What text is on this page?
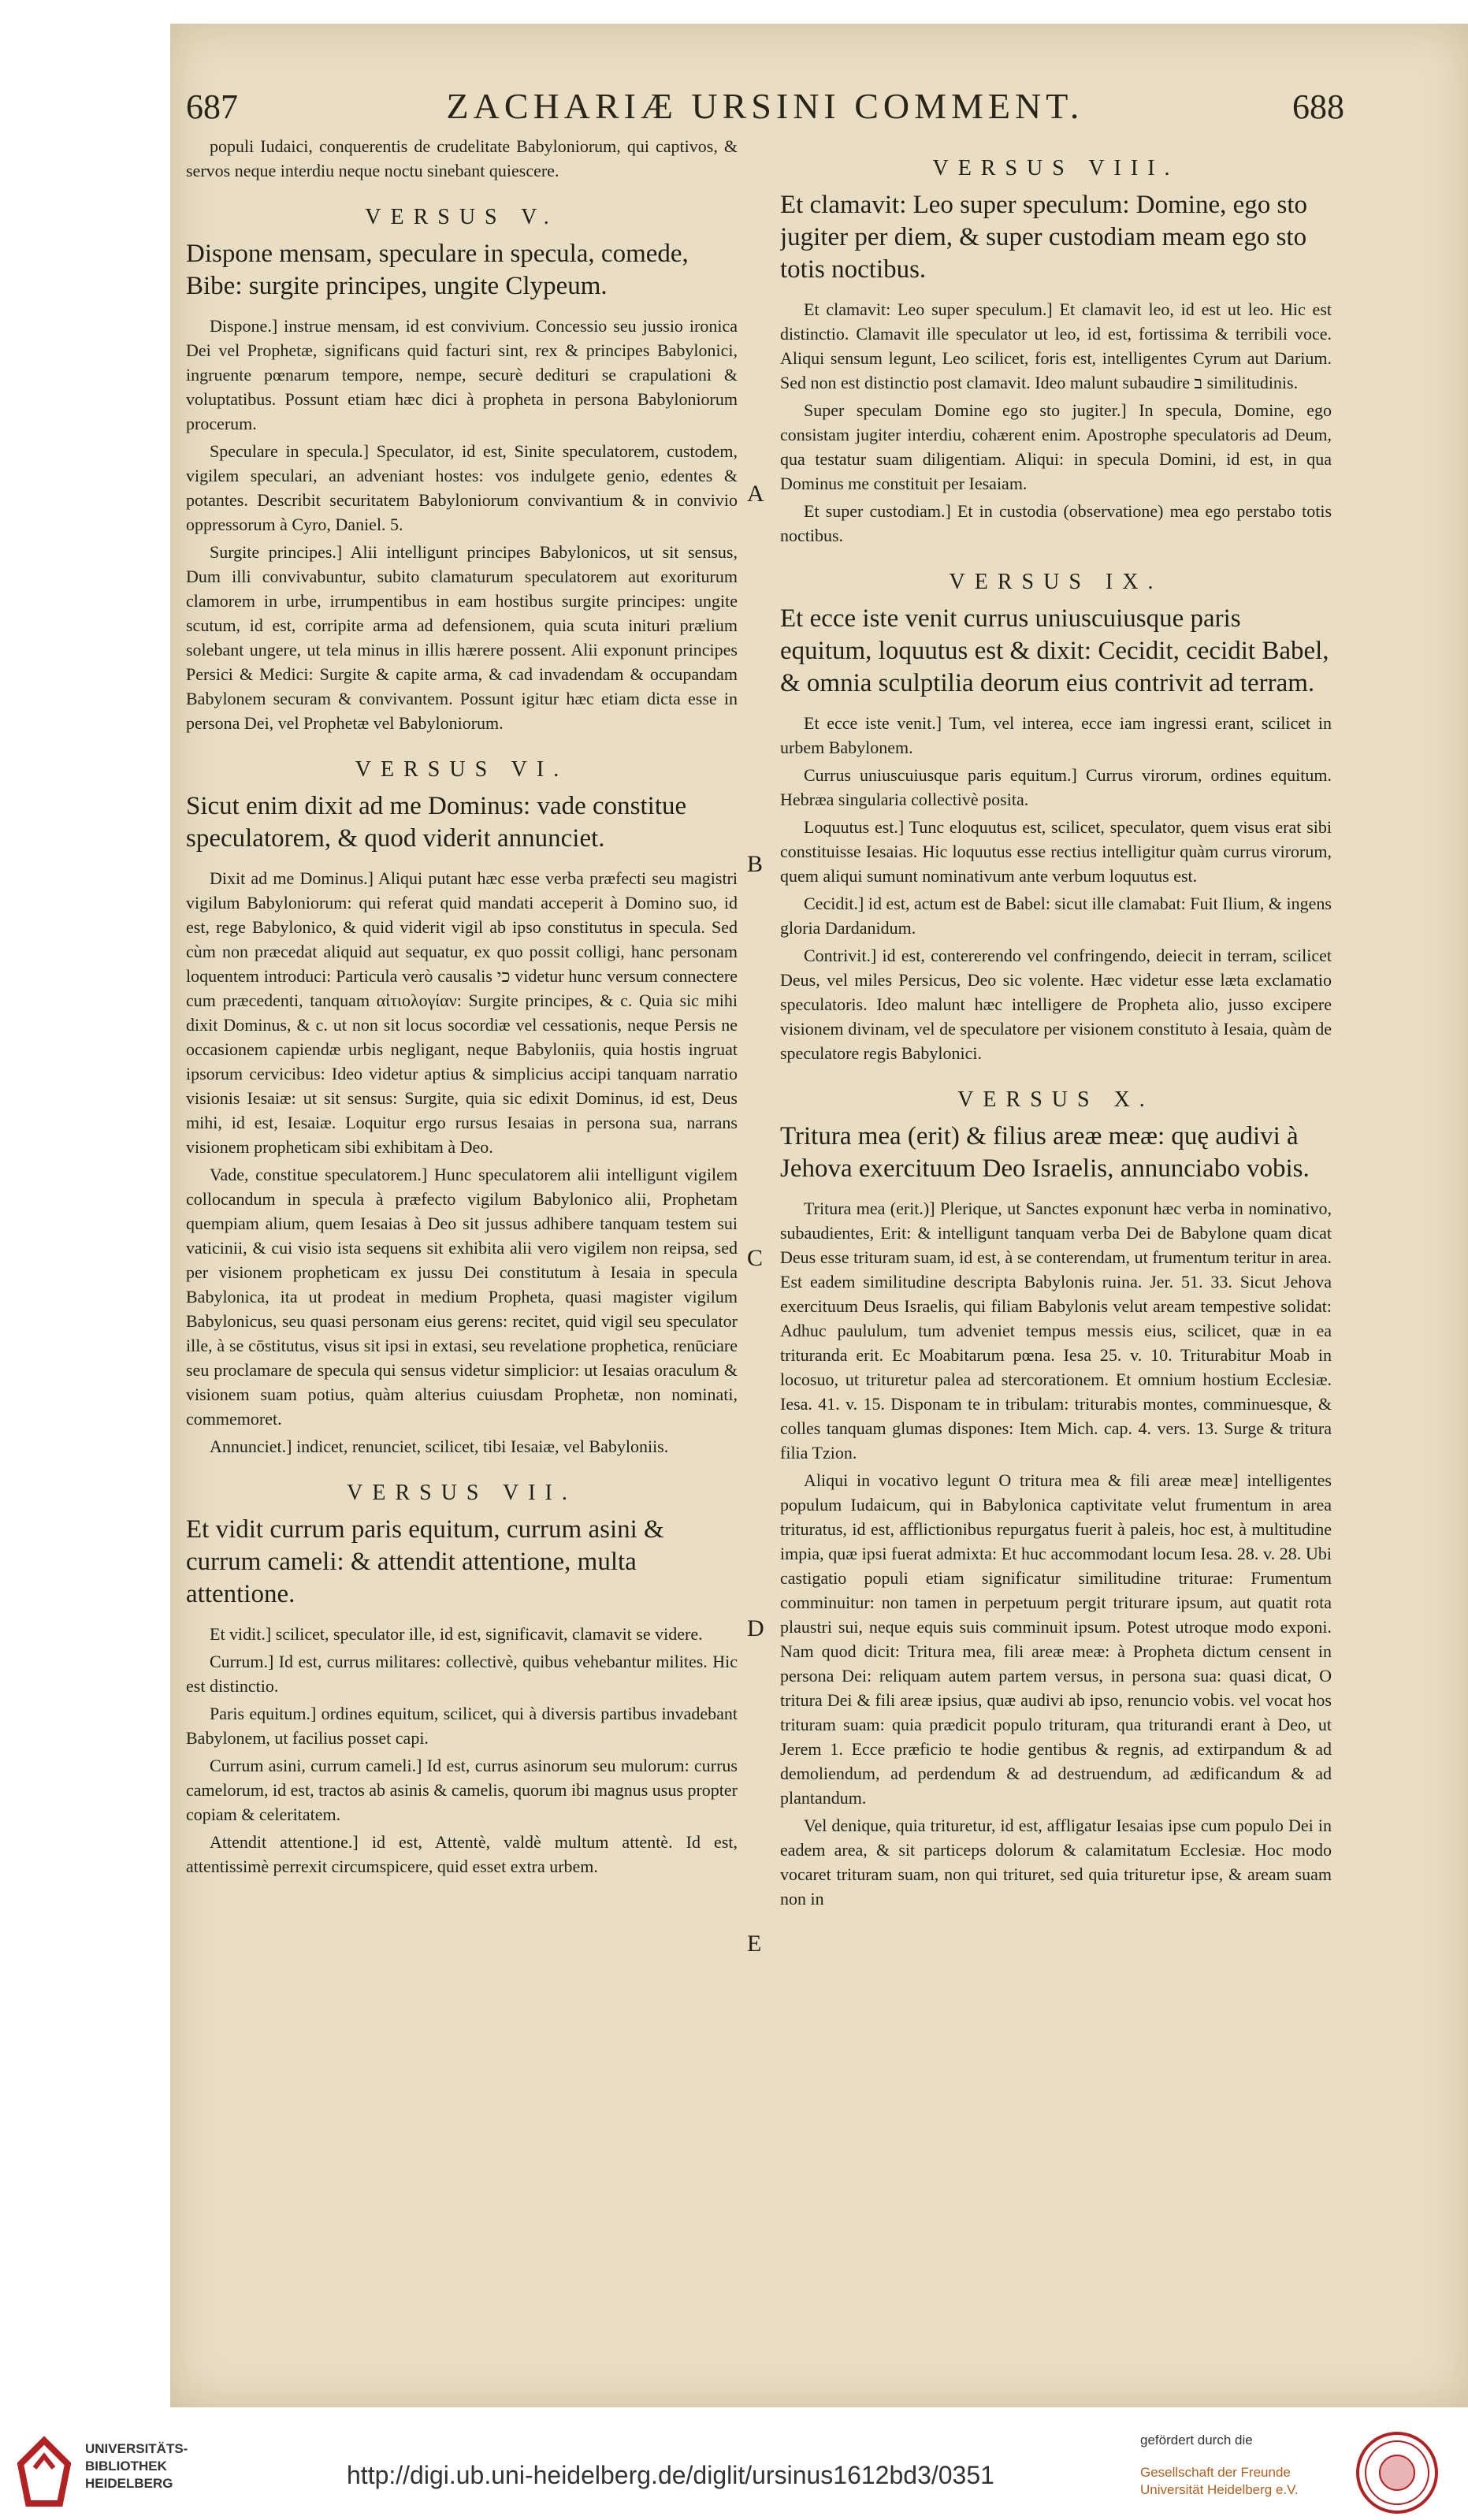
687	ZACHARIÆ URSINI COMMENT.	688
populi Iudaici, conquerentis de crudelitate Babyloniorum, qui captivos, & servos neque interdiu neque noctu sinebant quiescere.
VERSUS V.
Dispone mensam, speculare in specula, comede, Bibe: surgite principes, ungite Clypeum.
Dispone.] instrue mensam, id est convivium. Concessio seu jussio ironica Dei vel Prophetæ, significans quid facturi sint, rex & principes Babylonici, ingruente pœnarum tempore, nempe, securè dedituri se crapulationi & voluptatibus. Possunt etiam hæc dici à propheta in persona Babyloniorum procerum.
Speculare in specula.] Speculator, id est, Sinite speculatorem, custodem, vigilem speculari, an adveniant hostes: vos indulgete genio, edentes & potantes. Describit securitatem Babyloniorum convivantium & in convivio oppressorum à Cyro, Daniel. 5.
Surgite principes.] Alii intelligunt principes Babylonicos, ut sit sensus, Dum illi convivabuntur, subito clamaturum speculatorem aut exoriturum clamorem in urbe, irrumpentibus in eam hostibus surgite principes: ungite scutum, id est, corripite arma ad defensionem, quia scuta inituri prælium solebant ungere, ut tela minus in illis hærere possent. Alii exponunt principes Persici & Medici: Surgite & capite arma, & cad invadendam & occupandam Babylonem securam & convivantem. Possunt igitur hæc etiam dicta esse in persona Dei, vel Prophetæ vel Babyloniorum.
VERSUS VI.
Sicut enim dixit ad me Dominus: vade constitue speculatorem, & quod viderit annunciet.
Dixit ad me Dominus.] Aliqui putant hæc esse verba præfecti seu magistri vigilum Babyloniorum: qui referat quid mandati acceperit à Domino suo, id est, rege Babylonico, & quid viderit vigil ab ipso constitutus in specula. Sed cùm non præcedat aliquid aut sequatur, ex quo possit colligi, hanc personam loquentem introduci: Particula verò causalis כי videtur hunc versum connectere cum præcedenti, tanquam αἰτιολογίαν: Surgite principes, & c. Quia sic mihi dixit Dominus, & c. ut non sit locus socordiæ vel cessationis, neque Persis ne occasionem capiendæ urbis negligant, neque Babyloniis, quia hostis ingruat ipsorum cervicibus: Ideo videtur aptius & simplicius accipi tanquam narratio visionis Iesaiæ: ut sit sensus: Surgite, quia sic edixit Dominus, id est, Deus mihi, id est, Iesaiæ. Loquitur ergo rursus Iesaias in persona sua, narrans visionem propheticam sibi exhibitam à Deo.
Vade, constitue speculatorem.] Hunc speculatorem alii intelligunt vigilem collocandum in specula à præfecto vigilum Babylonico alii, Prophetam quempiam alium, quem Iesaias à Deo sit jussus adhibere tanquam testem sui vaticinii, & cui visio ista sequens sit exhibita alii vero vigilem non reipsa, sed per visionem propheticam ex jussu Dei constitutum à Iesaia in specula Babylonica, ita ut prodeat in medium Propheta, quasi magister vigilum Babylonicus, seu quasi personam eius gerens: recitet, quid vigil seu speculator ille, à se cōstitutus, visus sit ipsi in extasi, seu revelatione prophetica, renūciare seu proclamare de specula qui sensus videtur simplicior: ut Iesaias oraculum & visionem suam potius, quàm alterius cuiusdam Prophetæ, non nominati, commemoret.
Annunciet.] indicet, renunciet, scilicet, tibi Iesaiæ, vel Babyloniis.
VERSUS VII.
Et vidit currum paris equitum, currum asini & currum cameli: & attendit attentione, multa attentione.
Et vidit.] scilicet, speculator ille, id est, significavit, clamavit se videre.
Currum.] Id est, currus militares: collectivè, quibus vehebantur milites. Hic est distinctio.
Paris equitum.] ordines equitum, scilicet, qui à diversis partibus invadebant Babylonem, ut facilius posset capi.
Currum asini, currum cameli.] Id est, currus asinorum seu mulorum: currus camelorum, id est, tractos ab asinis & camelis, quorum ibi magnus usus propter copiam & celeritatem.
Attendit attentione.] id est, Attentè, valdè multum attentè. Id est, attentissimè perrexit circumspicere, quid esset extra urbem.
A
B
C
D
E
VERSUS VIII.
Et clamavit: Leo super speculum: Domine, ego sto jugiter per diem, & super custodiam meam ego sto totis noctibus.
Et clamavit: Leo super speculum.] Et clamavit leo, id est ut leo. Hic est distinctio. Clamavit ille speculator ut leo, id est, fortissima & terribili voce. Aliqui sensum legunt, Leo scilicet, foris est, intelligentes Cyrum aut Darium. Sed non est distinctio post clamavit. Ideo malunt subaudire ב similitudinis.
Super speculam Domine ego sto jugiter.] In specula, Domine, ego consistam jugiter interdiu, cohærent enim. Apostrophe speculatoris ad Deum, qua testatur suam diligentiam. Aliqui: in specula Domini, id est, in qua Dominus me constituit per Iesaiam.
Et super custodiam.] Et in custodia (observatione) mea ego perstabo totis noctibus.
VERSUS IX.
Et ecce iste venit currus uniuscuiusque paris equitum, loquutus est & dixit: Cecidit, cecidit Babel, & omnia sculptilia deorum eius contrivit ad terram.
Et ecce iste venit.] Tum, vel interea, ecce iam ingressi erant, scilicet in urbem Babylonem.
Currus uniuscuiusque paris equitum.] Currus virorum, ordines equitum. Hebræa singularia collectivè posita.
Loquutus est.] Tunc eloquutus est, scilicet, speculator, quem visus erat sibi constituisse Iesaias. Hic loquutus esse rectius intelligitur quàm currus virorum, quem aliqui sumunt nominativum ante verbum loquutus est.
Cecidit.] id est, actum est de Babel: sicut ille clamabat: Fuit Ilium, & ingens gloria Dardanidum.
Contrivit.] id est, contererendo vel confringendo, deiecit in terram, scilicet Deus, vel miles Persicus, Deo sic volente. Hæc videtur esse læta exclamatio speculatoris. Ideo malunt hæc intelligere de Propheta alio, jusso excipere visionem divinam, vel de speculatore per visionem constituto à Iesaia, quàm de speculatore regis Babylonici.
VERSUS X.
Tritura mea (erit) & filius areæ meæ: quę audivi à Jehova exercituum Deo Israelis, annunciabo vobis.
Tritura mea (erit.)] Plerique, ut Sanctes exponunt hæc verba in nominativo, subaudientes, Erit: & intelligunt tanquam verba Dei de Babylone quam dicat Deus esse trituram suam, id est, à se conterendam, ut frumentum teritur in area. Est eadem similitudine descripta Babylonis ruina. Jer. 51. 33. Sicut Jehova exercituum Deus Israelis, qui filiam Babylonis velut aream tempestive solidat: Adhuc paululum, tum adveniet tempus messis eius, scilicet, quæ in ea trituranda erit. Ec Moabitarum pœna. Iesa 25. v. 10. Triturabitur Moab in locosuo, ut trituretur palea ad stercorationem. Et omnium hostium Ecclesiæ. Iesa. 41. v. 15. Disponam te in tribulam: triturabis montes, comminuesque, & colles tanquam glumas dispones: Item Mich. cap. 4. vers. 13. Surge & tritura filia Tzion.
Aliqui in vocativo legunt O tritura mea & fili areæ meæ] intelligentes populum Iudaicum, qui in Babylonica captivitate velut frumentum in area trituratus, id est, afflictionibus repurgatus fuerit à paleis, hoc est, à multitudine impia, quæ ipsi fuerat admixta: Et huc accommodant locum Iesa. 28. v. 28. Ubi castigatio populi etiam significatur similitudine triturae: Frumentum comminuitur: non tamen in perpetuum pergit triturare ipsum, aut quatit rota plaustri sui, neque equis suis comminuit ipsum. Potest utroque modo exponi. Nam quod dicit: Tritura mea, fili areæ meæ: à Propheta dictum censent in persona Dei: reliquam autem partem versus, in persona sua: quasi dicat, O tritura Dei & fili areæ ipsius, quæ audivi ab ipso, renuncio vobis. vel vocat hos trituram suam: quia prædicit populo trituram, qua triturandi erant à Deo, ut Jerem 1. Ecce præficio te hodie gentibus & regnis, ad extirpandum & ad demoliendum, ad perdendum & ad destruendum, ad ædificandum & ad plantandum.
Vel denique, quia trituretur, id est, affligatur Iesaias ipse cum populo Dei in eadem area, & sit particeps dolorum & calamitatum Ecclesiæ. Hoc modo vocaret trituram suam, non qui trituret, sed quia trituretur ipse, & aream suam non in
UNIVERSITÄTS-
BIBLIOTHEK
HEIDELBERG	http://digi.ub.uni-heidelberg.de/diglit/ursinus1612bd3/0351
gefördert durch die
Gesellschaft der Freunde
Universität Heidelberg e.V.
